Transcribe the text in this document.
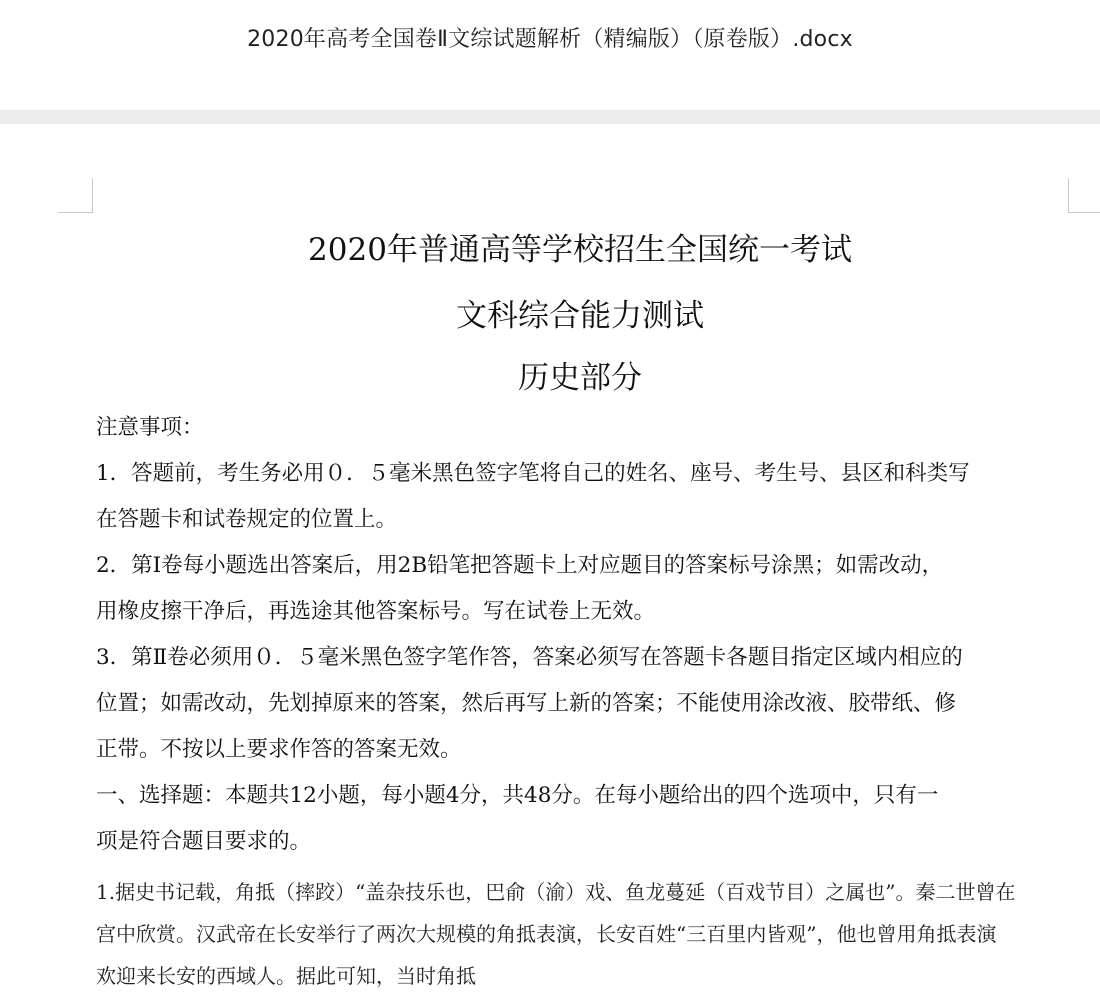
2020年高考全国卷Ⅱ文综试题解析（精编版）（原卷版）.docx
2020年普通高等学校招生全国统一考试
文科综合能力测试
历史部分

注意事项：

1．答题前，考生务必用０．５毫米黑色签字笔将自己的姓名、座号、考生号、县区和科类写

在答题卡和试卷规定的位置上。

2．第Ⅰ卷每小题选出答案后，用2B铅笔把答题卡上对应题目的答案标号涂黑；如需改动，

用橡皮擦干净后，再选途其他答案标号。写在试卷上无效。

3．第Ⅱ卷必须用０．５毫米黑色签字笔作答，答案必须写在答题卡各题目指定区域内相应的

位置；如需改动，先划掉原来的答案，然后再写上新的答案；不能使用涂改液、胶带纸、修

正带。不按以上要求作答的答案无效。

一、选择题：本题共12小题，每小题4分，共48分。在每小题给出的四个选项中，只有一

项是符合题目要求的。

1.据史书记载，角抵（摔跤）“盖杂技乐也，巴俞（渝）戏、鱼龙蔓延（百戏节目）之属也”。秦二世曾在

宫中欣赏。汉武帝在长安举行了两次大规模的角抵表演，长安百姓“三百里内皆观”，他也曾用角抵表演

欢迎来长安的西域人。据此可知，当时角抵
